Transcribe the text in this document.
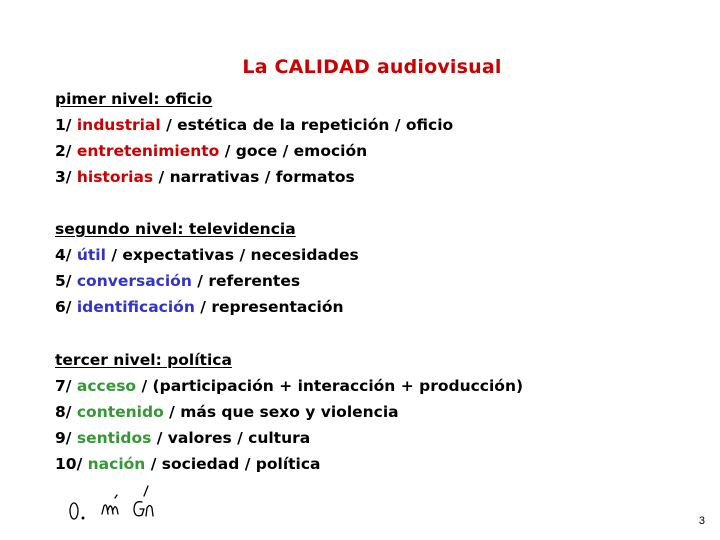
La CALIDAD audiovisual
pimer nivel: oficio
1/ industrial / estética de la repetición / oficio
2/ entretenimiento / goce / emoción
3/ historias / narrativas / formatos
segundo nivel: televidencia
4/ útil / expectativas / necesidades
5/ conversación / referentes
6/ identificación / representación
tercer nivel: política
7/ acceso / (participación + interacción + producción)
8/ contenido / más que sexo y violencia
9/ sentidos / valores / cultura
10/ nación / sociedad / política
3
